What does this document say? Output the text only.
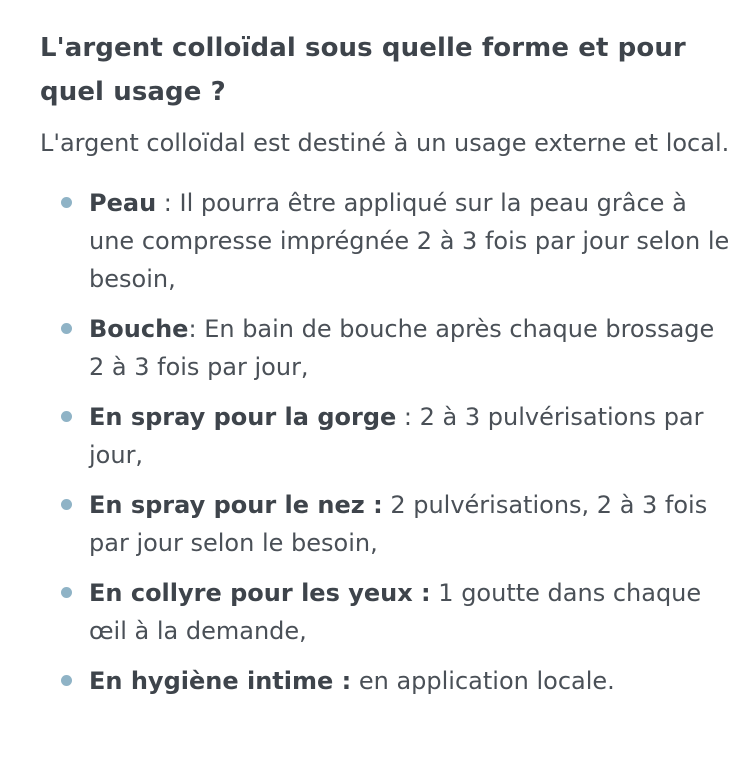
L'argent colloïdal sous quelle forme et pour quel usage ?

L'argent colloïdal est destiné à un usage externe et local.

Peau : Il pourra être appliqué sur la peau grâce à une compresse imprégnée 2 à 3 fois par jour selon le besoin,
Bouche: En bain de bouche après chaque brossage 2 à 3 fois par jour,
En spray pour la gorge : 2 à 3 pulvérisations par jour,
En spray pour le nez : 2 pulvérisations, 2 à 3 fois par jour selon le besoin,
En collyre pour les yeux : 1 goutte dans chaque œil à la demande,
En hygiène intime : en application locale.
